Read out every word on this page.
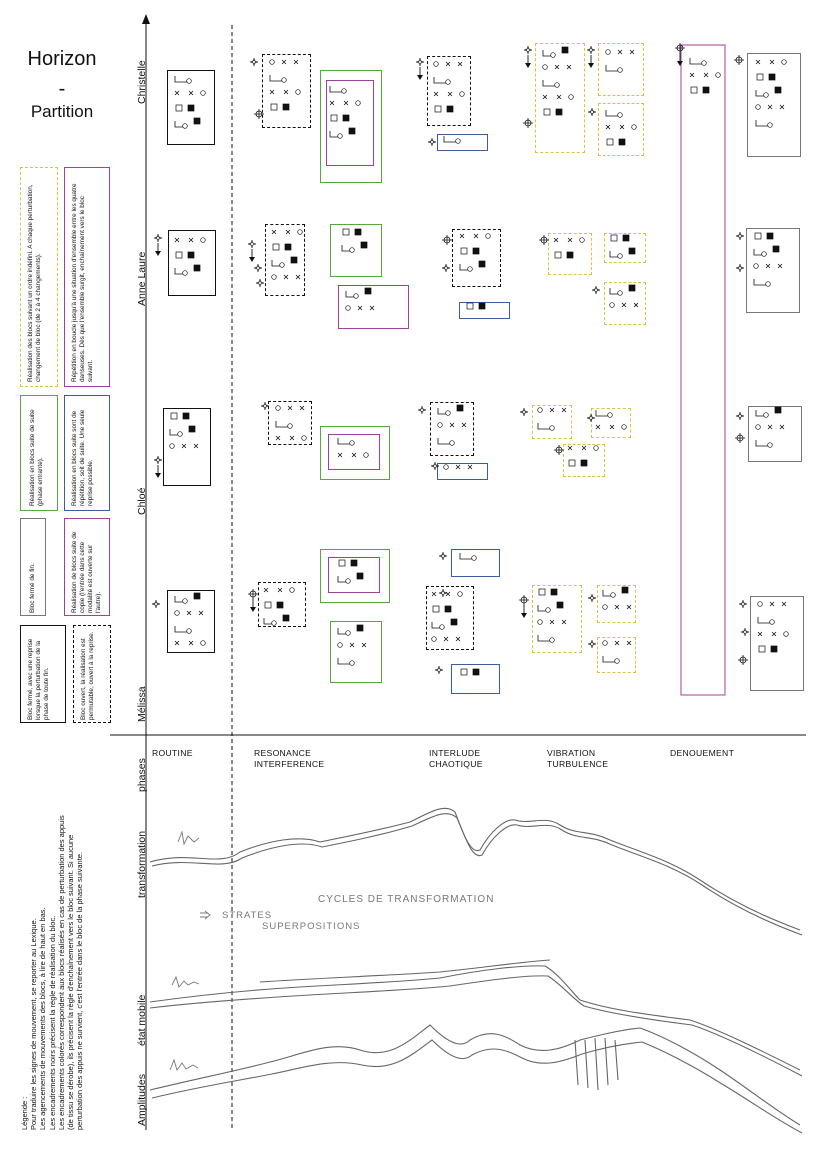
Horizon
-
Partition
Christelle
Anne Laure
Chloé
Mélissa
phases
transformation
état mobile
Amplitudes
ROUTINE	RESONANCE
INTERFERENCE
INTERLUDE
CHAOTIQUE
VIBRATION
TURBULENCE
DENOUEMENT
Réalisation des blocs suivant un ordre indéfini. A chaque perturbation, changement de bloc (de 2 à 4 changements).	Répétition en boucle jusqu'à une situation d'ensemble entre les quatre danseuses. Dès que l'ensemble surgit, enchaînement vers le bloc suivant.
Réalisation en blocs suite de suite (phase entrante).	Réalisation en blocs suite sont de répétition, soit de suite. Une seule reprise possible.
Bloc fermé de fin.	Réalisation de blocs suite de copie (l'entrée dans cette modalité est ouverte sur l'autre).
Bloc fermé, avec une reprise lorsque la perturbation de la phase de toute fin.	Bloc ouvert, la réalisation est permutable, ouvert à la reprise.
Légende : Pour traduire les signes de mouvement, se reporter au Lexique. Les agencements de mouvements des blocs, à lire de haut en bas. Les encadrements noirs précisent la règle de réalisation du bloc. Les encadrements colorés correspondent aux blocs réalisés en cas de perturbation des appuis (de tissu se dérobe), ils précisent la règle d'enchaînement vers le bloc suivant. Si aucune perturbation des appuis ne survient, c'est l'entrée dans le bloc de la phase suivante.	CYCLES DE TRANSFORMATION
STRATES
SUPERPOSITIONS
